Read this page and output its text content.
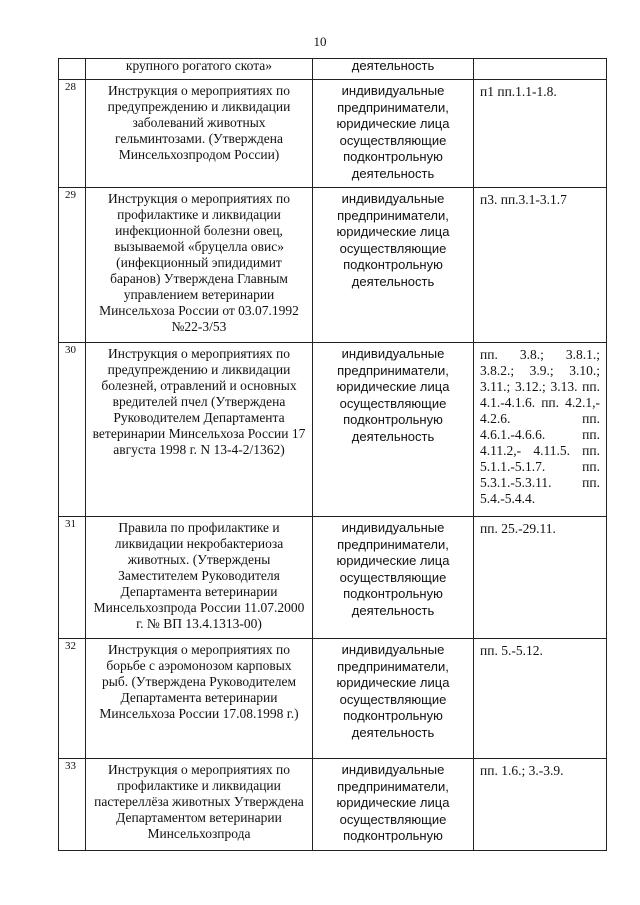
10
	крупного рогатого скота»	деятельность	
28	Инструкция о мероприятиях по предупреждению и ликвидации заболеваний животных гельминтозами. (Утверждена Минсельхозпродом России)	индивидуальные предприниматели, юридические лица осуществляющие подконтрольную деятельность	п1 пп.1.1-1.8.
29	Инструкция о мероприятиях по профилактике и ликвидации инфекционной болезни овец, вызываемой «бруцелла овис» (инфекционный эпидидимит баранов) Утверждена Главным управлением ветеринарии Минсельхоза России от 03.07.1992 №22-3/53	индивидуальные предприниматели, юридические лица осуществляющие подконтрольную деятельность	п3. пп.3.1-3.1.7
30	Инструкция о мероприятиях по предупреждению и ликвидации болезней, отравлений и основных вредителей пчел (Утверждена Руководителем Департамента ветеринарии Минсельхоза России 17 августа 1998 г. N 13-4-2/1362)	индивидуальные предприниматели, юридические лица осуществляющие подконтрольную деятельность	пп. 3.8.; 3.8.1.; 3.8.2.; 3.9.; 3.10.; 3.11.; 3.12.; 3.13. пп. 4.1.-4.1.6. пп. 4.2.1,- 4.2.6. пп. 4.6.1.-4.6.6. пп. 4.11.2,- 4.11.5. пп. 5.1.1.-5.1.7. пп. 5.3.1.-5.3.11. пп. 5.4.-5.4.4.
31	Правила по профилактике и ликвидации некробактериоза животных. (Утверждены Заместителем Руководителя Департамента ветеринарии Минсельхозпрода России 11.07.2000 г. № ВП 13.4.1313-00)	индивидуальные предприниматели, юридические лица осуществляющие подконтрольную деятельность	пп. 25.-29.11.
32	Инструкция о мероприятиях по борьбе с аэромонозом карповых рыб. (Утверждена Руководителем Департамента ветеринарии Минсельхоза России 17.08.1998 г.)	индивидуальные предприниматели, юридические лица осуществляющие подконтрольную деятельность	пп. 5.-5.12.
33	Инструкция о мероприятиях по профилактике и ликвидации пастереллёза животных Утверждена Департаментом ветеринарии Минсельхозпрода	индивидуальные предприниматели, юридические лица осуществляющие подконтрольную	пп. 1.6.; 3.-3.9.
